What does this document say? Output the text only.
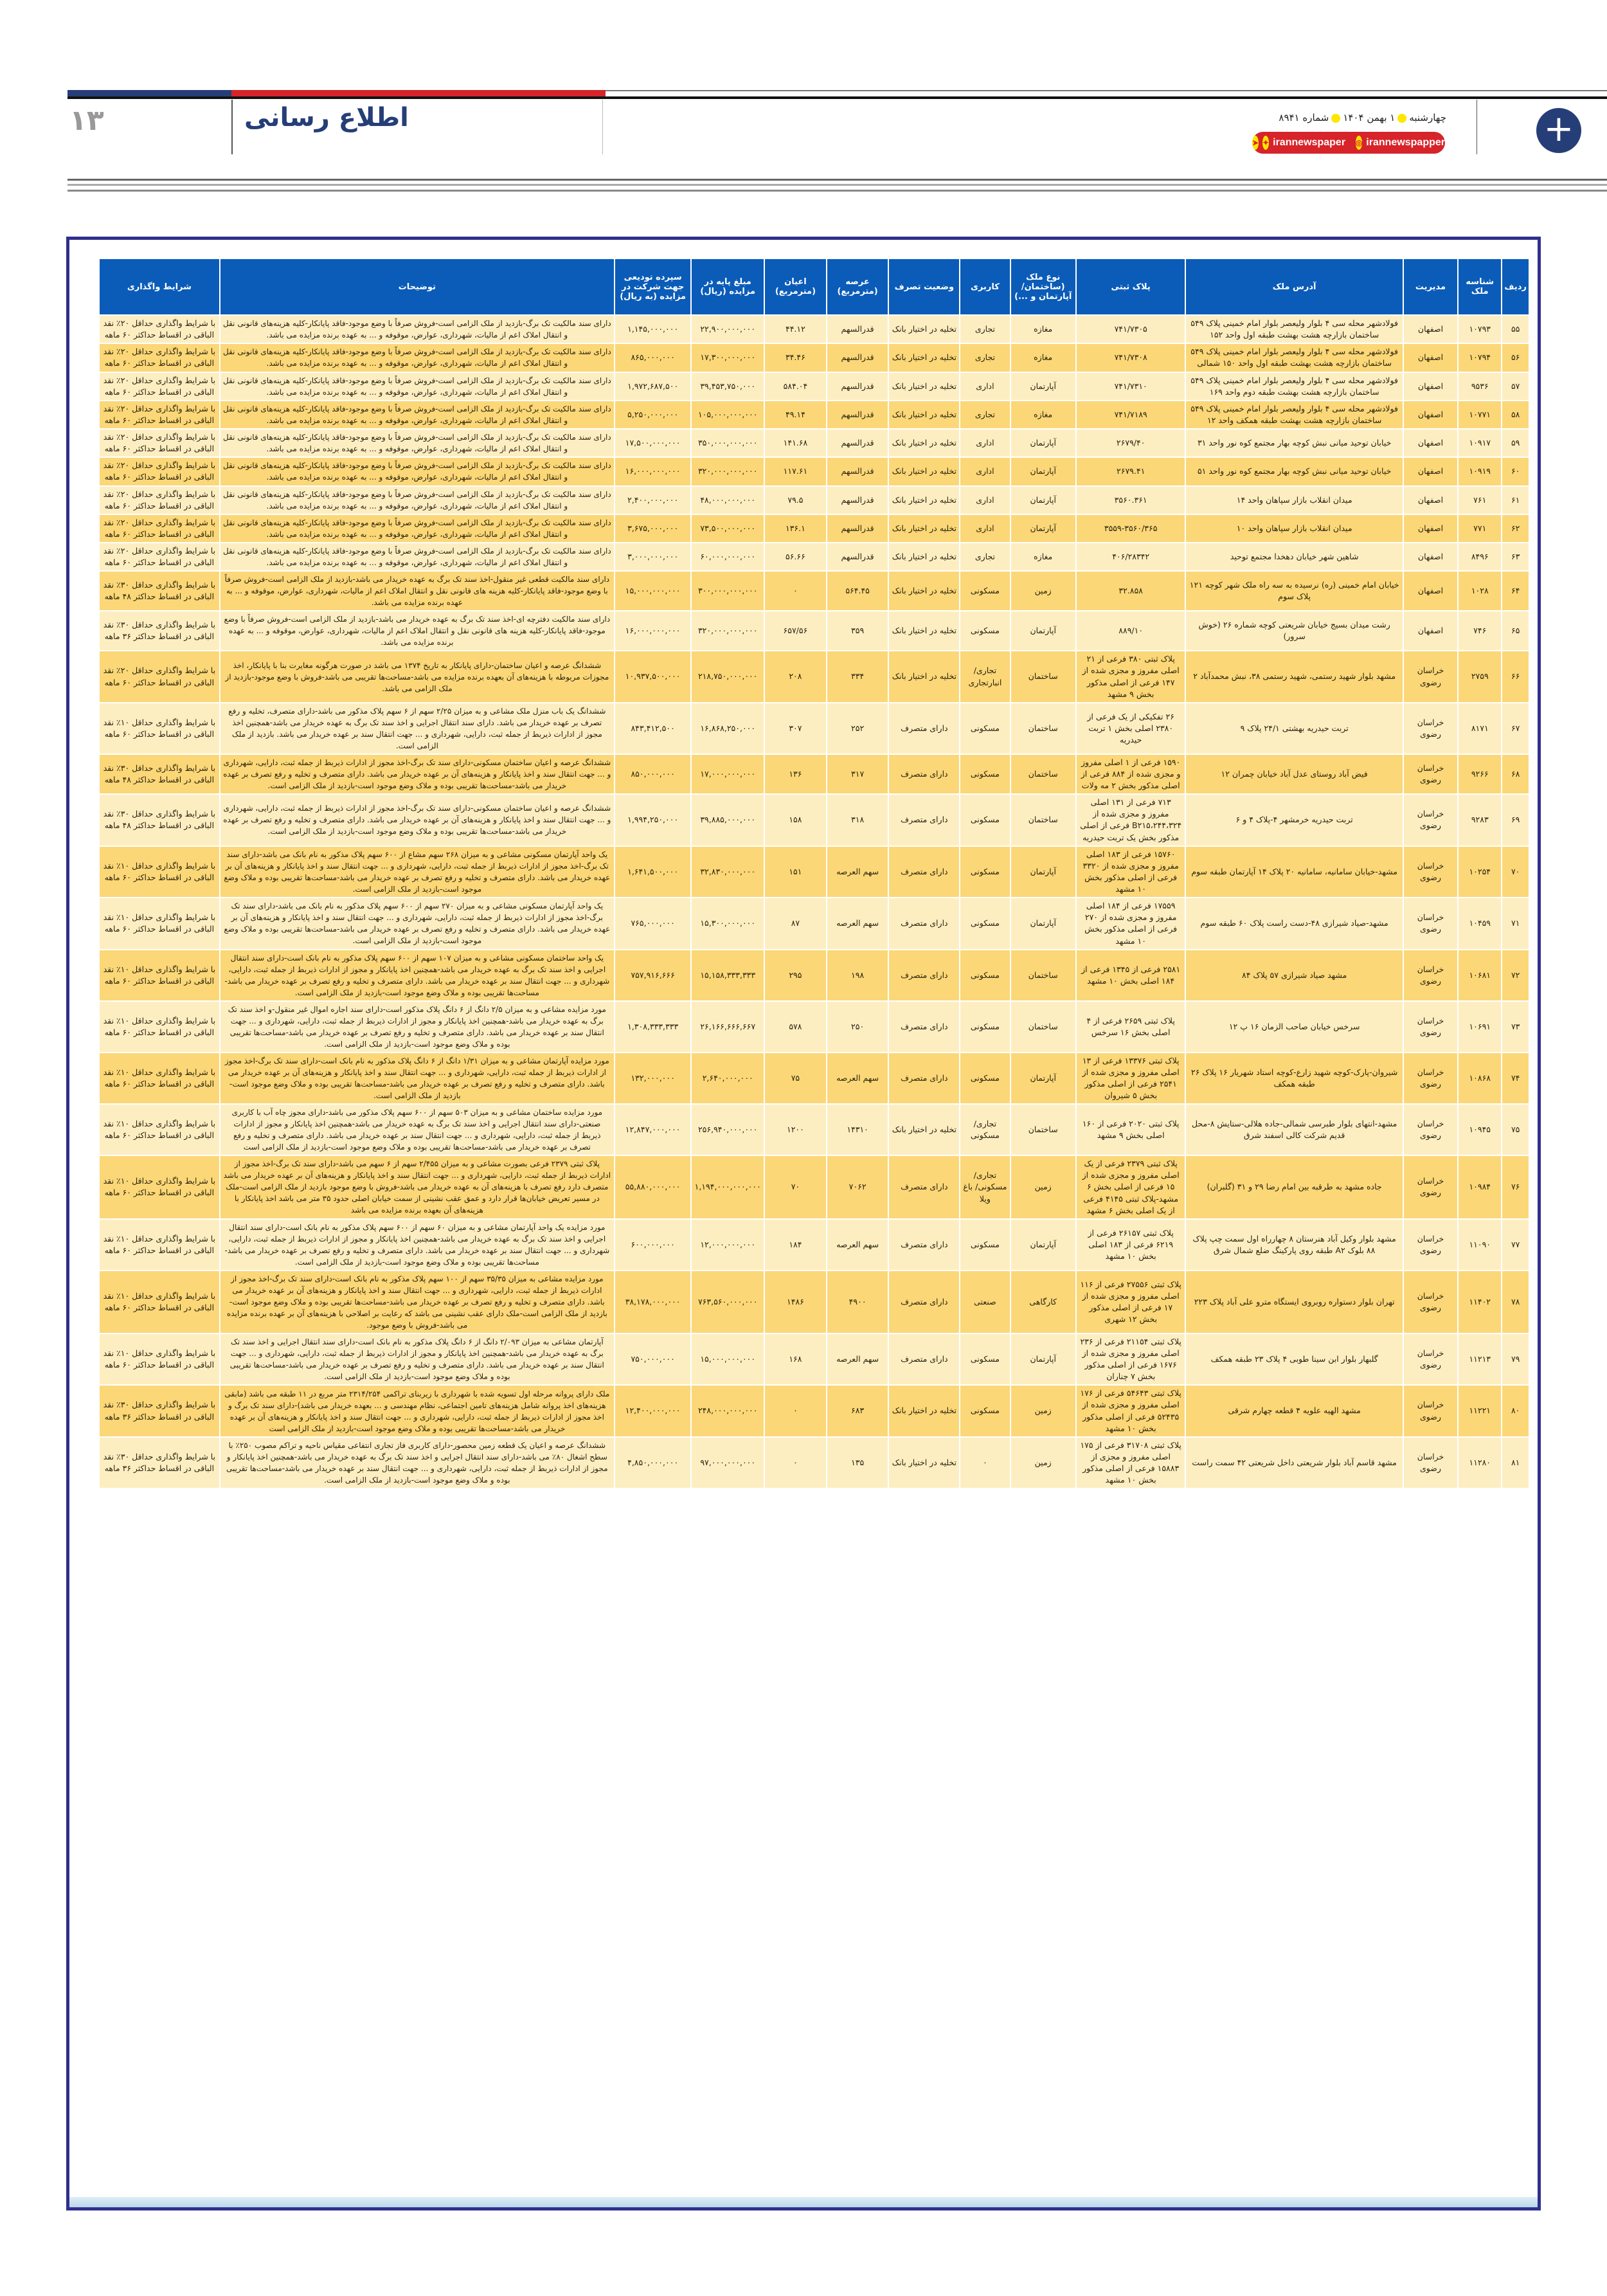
۱۳	اطلاع رسانی	چهارشنبه۱ بهمن ۱۴۰۴شماره ۸۹۴۱
➤ ✦ irannewspaper ◎ irannewspapper	+
ردیف	شناسه ملک	مدیریت	آدرس ملک	پلاک ثبتی	نوع ملک (ساختمان/ آپارتمان و ...)	کاربری	وضعیت تصرف	عرصه (مترمربع)	اعیان (مترمربع)	مبلغ پایه در مزایده (ریال)	سپرده تودیعی جهت شرکت در مزایده (به ریال)	توضیحات	شرایط واگذاری
۵۵	۱۰۷۹۳	اصفهان	فولادشهر محله سی ۴ بلوار ولیعصر بلوار امام خمینی پلاک ۵۴۹ ساختمان بازارچه هشت بهشت طبقه اول واحد ۱۵۲	۷۴۱/۷۳۰۵	مغازه	تجاری	تخلیه در اختیار بانک	قدرالسهم	۴۴.۱۲	۲۲,۹۰۰,۰۰۰,۰۰۰	۱,۱۴۵,۰۰۰,۰۰۰	دارای سند مالکیت تک برگ-بازدید از ملک الزامی است-فروش صرفاً با وضع موجود-فاقد پایانکار-کلیه هزینه‌های قانونی نقل و انتقال املاک اعم از مالیات، شهرداری، عوارض، موقوفه و ... به عهده برنده مزایده می باشد.	با شرایط واگذاری حداقل ۲۰٪ نقد الباقی در اقساط حداکثر ۶۰ ماهه
۵۶	۱۰۷۹۴	اصفهان	فولادشهر محله سی ۴ بلوار ولیعصر بلوار امام خمینی پلاک ۵۴۹ ساختمان بازارچه هشت بهشت طبقه اول واحد ۱۵۰ شمالی	۷۴۱/۷۳۰۸	مغازه	تجاری	تخلیه در اختیار بانک	قدرالسهم	۳۴.۴۶	۱۷,۳۰۰,۰۰۰,۰۰۰	۸۶۵,۰۰۰,۰۰۰	دارای سند مالکیت تک برگ-بازدید از ملک الزامی است-فروش صرفاً با وضع موجود-فاقد پایانکار-کلیه هزینه‌های قانونی نقل و انتقال املاک اعم از مالیات، شهرداری، عوارض، موقوفه و ... به عهده برنده مزایده می باشد.	با شرایط واگذاری حداقل ۲۰٪ نقد الباقی در اقساط حداکثر ۶۰ ماهه
۵۷	۹۵۳۶	اصفهان	فولادشهر محله سی ۴ بلوار ولیعصر بلوار امام خمینی پلاک ۵۴۹ ساختمان بازارچه هشت بهشت طبقه دوم واحد ۱۶۹	۷۴۱/۷۳۱۰	آپارتمان	اداری	تخلیه در اختیار بانک	قدرالسهم	۵۸۴.۰۴	۳۹,۴۵۳,۷۵۰,۰۰۰	۱,۹۷۲,۶۸۷,۵۰۰	دارای سند مالکیت تک برگ-بازدید از ملک الزامی است-فروش صرفاً با وضع موجود-فاقد پایانکار-کلیه هزینه‌های قانونی نقل و انتقال املاک اعم از مالیات، شهرداری، عوارض، موقوفه و ... به عهده برنده مزایده می باشد.	با شرایط واگذاری حداقل ۲۰٪ نقد الباقی در اقساط حداکثر ۶۰ ماهه
۵۸	۱۰۷۷۱	اصفهان	فولادشهر محله سی ۴ بلوار ولیعصر بلوار امام خمینی پلاک ۵۴۹ ساختمان بازارچه هشت بهشت طبقه همکف واحد ۱۲	۷۴۱/۷۱۸۹	مغازه	تجاری	تخلیه در اختیار بانک	قدرالسهم	۴۹.۱۴	۱۰۵,۰۰۰,۰۰۰,۰۰۰	۵,۲۵۰,۰۰۰,۰۰۰	دارای سند مالکیت تک برگ-بازدید از ملک الزامی است-فروش صرفاً با وضع موجود-فاقد پایانکار-کلیه هزینه‌های قانونی نقل و انتقال املاک اعم از مالیات، شهرداری، عوارض، موقوفه و ... به عهده برنده مزایده می باشد.	با شرایط واگذاری حداقل ۲۰٪ نقد الباقی در اقساط حداکثر ۶۰ ماهه
۵۹	۱۰۹۱۷	اصفهان	خیابان توحید میانی نبش کوچه بهار مجتمع کوه نور واحد ۳۱	۲۶۷۹/۴۰	آپارتمان	اداری	تخلیه در اختیار بانک	قدرالسهم	۱۴۱.۶۸	۳۵۰,۰۰۰,۰۰۰,۰۰۰	۱۷,۵۰۰,۰۰۰,۰۰۰	دارای سند مالکیت تک برگ-بازدید از ملک الزامی است-فروش صرفاً با وضع موجود-فاقد پایانکار-کلیه هزینه‌های قانونی نقل و انتقال املاک اعم از مالیات، شهرداری، عوارض، موقوفه و ... به عهده برنده مزایده می باشد.	با شرایط واگذاری حداقل ۲۰٪ نقد الباقی در اقساط حداکثر ۶۰ ماهه
۶۰	۱۰۹۱۹	اصفهان	خیابان توحید میانی نبش کوچه بهار مجتمع کوه نور واحد ۵۱	۲۶۷۹.۴۱	آپارتمان	اداری	تخلیه در اختیار بانک	قدرالسهم	۱۱۷.۶۱	۳۲۰,۰۰۰,۰۰۰,۰۰۰	۱۶,۰۰۰,۰۰۰,۰۰۰	دارای سند مالکیت تک برگ-بازدید از ملک الزامی است-فروش صرفاً با وضع موجود-فاقد پایانکار-کلیه هزینه‌های قانونی نقل و انتقال املاک اعم از مالیات، شهرداری، عوارض، موقوفه و ... به عهده برنده مزایده می باشد.	با شرایط واگذاری حداقل ۲۰٪ نقد الباقی در اقساط حداکثر ۶۰ ماهه
۶۱	۷۶۱	اصفهان	میدان انقلاب بازار سپاهان واحد ۱۴	۳۵۶۰.۳۶۱	آپارتمان	اداری	تخلیه در اختیار بانک	قدرالسهم	۷۹.۵	۴۸,۰۰۰,۰۰۰,۰۰۰	۲,۴۰۰,۰۰۰,۰۰۰	دارای سند مالکیت تک برگ-بازدید از ملک الزامی است-فروش صرفاً با وضع موجود-فاقد پایانکار-کلیه هزینه‌های قانونی نقل و انتقال املاک اعم از مالیات، شهرداری، عوارض، موقوفه و ... به عهده برنده مزایده می باشد.	با شرایط واگذاری حداقل ۲۰٪ نقد الباقی در اقساط حداکثر ۶۰ ماهه
۶۲	۷۷۱	اصفهان	میدان انقلاب بازار سپاهان واحد ۱۰	۳۵۵۹-۳۵۶۰/۳۶۵	آپارتمان	اداری	تخلیه در اختیار بانک	قدرالسهم	۱۳۶.۱	۷۳,۵۰۰,۰۰۰,۰۰۰	۳,۶۷۵,۰۰۰,۰۰۰	دارای سند مالکیت تک برگ-بازدید از ملک الزامی است-فروش صرفاً با وضع موجود-فاقد پایانکار-کلیه هزینه‌های قانونی نقل و انتقال املاک اعم از مالیات، شهرداری، عوارض، موقوفه و ... به عهده برنده مزایده می باشد.	با شرایط واگذاری حداقل ۲۰٪ نقد الباقی در اقساط حداکثر ۶۰ ماهه
۶۳	۸۴۹۶	اصفهان	شاهین شهر خیابان دهخدا مجتمع توحید	۴۰۶/۲۸۳۴۲	مغازه	تجاری	تخلیه در اختیار بانک	قدرالسهم	۵۶.۶۶	۶۰,۰۰۰,۰۰۰,۰۰۰	۳,۰۰۰,۰۰۰,۰۰۰	دارای سند مالکیت تک برگ-بازدید از ملک الزامی است-فروش صرفاً با وضع موجود-فاقد پایانکار-کلیه هزینه‌های قانونی نقل و انتقال املاک اعم از مالیات، شهرداری، عوارض، موقوفه و ... به عهده برنده مزایده می باشد.	با شرایط واگذاری حداقل ۲۰٪ نقد الباقی در اقساط حداکثر ۶۰ ماهه
۶۴	۱۰۲۸	اصفهان	خیابان امام خمینی (ره) نرسیده به سه راه ملک شهر کوچه ۱۲۱ پلاک سوم	۳۲.۸۵۸	زمین	مسکونی	تخلیه در اختیار بانک	۵۶۴.۴۵	۰	۳۰۰,۰۰۰,۰۰۰,۰۰۰	۱۵,۰۰۰,۰۰۰,۰۰۰	دارای سند مالکیت قطعی غیر منقول-اخذ سند تک برگ به عهده خریدار می باشد-بازدید از ملک الزامی است-فروش صرفاً با وضع موجود-فاقد پایانکار-کلیه هزینه های قانونی نقل و انتقال املاک اعم از مالیات، شهرداری، عوارض، موقوفه و ... به عهده برنده مزایده می باشد.	با شرایط واگذاری حداقل ۳۰٪ نقد الباقی در اقساط حداکثر ۴۸ ماهه
۶۵	۷۴۶	اصفهان	رشت میدان بسیج خیابان شریعتی کوچه شماره ۲۶ (خوش سرور)	۸۸۹/۱۰	آپارتمان	مسکونی	تخلیه در اختیار بانک	۳۵۹	۶۵۷/۵۶	۳۲۰,۰۰۰,۰۰۰,۰۰۰	۱۶,۰۰۰,۰۰۰,۰۰۰	دارای سند مالکیت دفترچه ای-اخذ سند تک برگ به عهده خریدار می باشد-بازدید از ملک الزامی است-فروش صرفاً با وضع موجود-فاقد پایانکار-کلیه هزینه های قانونی نقل و انتقال املاک اعم از مالیات، شهرداری، عوارض، موقوفه و ... به عهده برنده مزایده می باشد.	با شرایط واگذاری حداقل ۳۰٪ نقد الباقی در اقساط حداکثر ۳۶ ماهه
۶۶	۲۷۵۹	خراسان رضوی	مشهد بلوار شهید رستمی، شهید رستمی ۳۸، نبش محمدآباد ۲	پلاک ثبتی ۳۸۰ فرعی از ۲۱ اصلی مفروز و مجزی شده از ۱۴۷ فرعی از اصلی مذکور بخش ۹ مشهد	ساختمان	تجاری/ انبارتجاری	تخلیه در اختیار بانک	۳۳۴	۲۰۸	۲۱۸,۷۵۰,۰۰۰,۰۰۰	۱۰,۹۳۷,۵۰۰,۰۰۰	ششدانگ عرصه و اعیان ساختمان-دارای پایانکار به تاریخ ۱۳۷۴ می باشد در صورت هرگونه مغایرت بنا با پایانکار، اخذ مجوزات مربوطه با هزینه‌های آن بعهده برنده مزایده می باشد-مساحت‌ها تقریبی می باشد-فروش با وضع موجود-بازدید از ملک الزامی می باشد.	با شرایط واگذاری حداقل ۲۰٪ نقد الباقی در اقساط حداکثر ۶۰ ماهه
۶۷	۸۱۷۱	خراسان رضوی	تربت حیدریه بهشتی ۲۴/۱ پلاک ۹	۲۶ تفکیکی از یک فرعی از ۲۳۸۰ اصلی بخش ۱ تربت حیدریه	ساختمان	مسکونی	دارای متصرف	۲۵۲	۳۰۷	۱۶,۸۶۸,۲۵۰,۰۰۰	۸۴۳,۴۱۲,۵۰۰	ششدانگ یک باب منزل ملک مشاعی و به میزان ۲/۲۵ سهم از ۶ سهم پلاک مذکور می باشد-دارای متصرف، تخلیه و رفع تصرف بر عهده خریدار می باشد. دارای سند انتقال اجرایی و اخذ سند تک برگ به عهده خریدار می باشد-همچنین اخذ مجوز از ادارات ذیربط از جمله ثبت، دارایی، شهرداری و ... جهت انتقال سند بر عهده خریدار می باشد. بازدید از ملک الزامی است.	با شرایط واگذاری حداقل ۱۰٪ نقد الباقی در اقساط حداکثر ۶۰ ماهه
۶۸	۹۲۶۶	خراسان رضوی	فیض آباد روستای عدل آباد خیابان چمران ۱۲	۱۵۹۰ فرعی از ۱ اصلی مفروز و مجزی شده از ۸۸۴ فرعی از اصلی مذکور بخش ۲ مه ولات	ساختمان	مسکونی	دارای متصرف	۳۱۷	۱۳۶	۱۷,۰۰۰,۰۰۰,۰۰۰	۸۵۰,۰۰۰,۰۰۰	ششدانگ عرصه و اعیان ساختمان مسکونی-دارای سند تک برگ-اخذ مجوز از ادارات ذیربط از جمله ثبت، دارایی، شهرداری و ... جهت انتقال سند و اخذ پایانکار و هزینه‌های آن بر عهده خریدار می باشد. دارای متصرف و تخلیه و رفع تصرف بر عهده خریدار می باشد-مساحت‌ها تقریبی بوده و ملاک وضع موجود است-بازدید از ملک الزامی است.	با شرایط واگذاری حداقل ۳۰٪ نقد الباقی در اقساط حداکثر ۴۸ ماهه
۶۹	۹۲۸۳	خراسان رضوی	تربت حیدریه خرمشهر ۴-پلاک ۴ و ۶	۷۱۳ فرعی از ۱۳۱ اصلی مفروز و مجزی شده از ۳۲۴،B۲۱۵،۲۴۴ فرعی از اصلی مذکور بخش یک تربت حیدریه	ساختمان	مسکونی	دارای متصرف	۳۱۸	۱۵۸	۳۹,۸۸۵,۰۰۰,۰۰۰	۱,۹۹۴,۲۵۰,۰۰۰	ششدانگ عرصه و اعیان ساختمان مسکونی-دارای سند تک برگ-اخذ مجوز از ادارات ذیربط از جمله ثبت، دارایی، شهرداری و ... جهت انتقال سند و اخذ پایانکار و هزینه‌های آن بر عهده خریدار می باشد. دارای متصرف و تخلیه و رفع تصرف بر عهده خریدار می باشد-مساحت‌ها تقریبی بوده و ملاک وضع موجود است-بازدید از ملک الزامی است.	با شرایط واگذاری حداقل ۳۰٪ نقد الباقی در اقساط حداکثر ۴۸ ماهه
۷۰	۱۰۲۵۴	خراسان رضوی	مشهد-خیابان سامانیه، سامانیه ۲۰ پلاک ۱۴ آپارتمان طبقه سوم	۱۵۷۶۰ فرعی از ۱۸۳ اصلی مفروز و مجزی شده از ۳۳۲۰ فرعی از اصلی مذکور بخش ۱۰ مشهد	آپارتمان	مسکونی	دارای متصرف	سهم العرصه	۱۵۱	۳۲,۸۳۰,۰۰۰,۰۰۰	۱,۶۴۱,۵۰۰,۰۰۰	یک واحد آپارتمان مسکونی مشاعی و به میزان ۲۶۸ سهم مشاع از ۶۰۰ سهم پلاک مذکور به نام بانک می باشد-دارای سند تک برگ-اخذ مجوز از ادارات ذیربط از جمله ثبت، دارایی، شهرداری و ... جهت انتقال سند و اخذ پایانکار و هزینه‌های آن بر عهده خریدار می باشد. دارای متصرف و تخلیه و رفع تصرف بر عهده خریدار می باشد-مساحت‌ها تقریبی بوده و ملاک وضع موجود است-بازدید از ملک الزامی است.	با شرایط واگذاری حداقل ۱۰٪ نقد الباقی در اقساط حداکثر ۶۰ ماهه
۷۱	۱۰۴۵۹	خراسان رضوی	مشهد-صیاد شیرازی ۴۸-دست راست پلاک ۶۰ طبقه سوم	۱۷۵۵۹ فرعی از ۱۸۴ اصلی مفروز و مجزی شده از ۲۷۰ فرعی از اصلی مذکور بخش ۱۰ مشهد	آپارتمان	مسکونی	دارای متصرف	سهم العرصه	۸۷	۱۵,۳۰۰,۰۰۰,۰۰۰	۷۶۵,۰۰۰,۰۰۰	یک واحد آپارتمان مسکونی مشاعی و به میزان ۲۷۰ سهم از ۶۰۰ سهم پلاک مذکور به نام بانک می باشد-دارای سند تک برگ-اخذ مجوز از ادارات ذیربط از جمله ثبت، دارایی، شهرداری و ... جهت انتقال سند و اخذ پایانکار و هزینه‌های آن بر عهده خریدار می باشد. دارای متصرف و تخلیه و رفع تصرف بر عهده خریدار می باشد-مساحت‌ها تقریبی بوده و ملاک وضع موجود است-بازدید از ملک الزامی است.	با شرایط واگذاری حداقل ۱۰٪ نقد الباقی در اقساط حداکثر ۶۰ ماهه
۷۲	۱۰۶۸۱	خراسان رضوی	مشهد صیاد شیرازی ۵۷ پلاک ۸۴	۲۵۸۱ فرعی از ۱۳۴۵ فرعی از ۱۸۴ اصلی بخش ۱۰ مشهد	ساختمان	مسکونی	دارای متصرف	۱۹۸	۲۹۵	۱۵,۱۵۸,۳۳۳,۳۳۳	۷۵۷,۹۱۶,۶۶۶	یک واحد ساختمان مسکونی مشاعی و به میزان ۱۰۷ سهم از ۶۰۰ سهم پلاک مذکور به نام بانک است-دارای سند انتقال اجرایی و اخذ سند تک برگ به عهده خریدار می باشد-همچنین اخذ پایانکار و مجوز از ادارات ذیربط از جمله ثبت، دارایی، شهرداری و ... جهت انتقال سند بر عهده خریدار می باشد. دارای متصرف و تخلیه و رفع تصرف بر عهده خریدار می باشد-مساحت‌ها تقریبی بوده و ملاک وضع موجود است-بازدید از ملک الزامی است.	با شرایط واگذاری حداقل ۱۰٪ نقد الباقی در اقساط حداکثر ۶۰ ماهه
۷۳	۱۰۶۹۱	خراسان رضوی	سرخس خیابان صاحب الزمان ۱۶ پ ۱۲	پلاک ثبتی ۲۶۵۹ فرعی از ۴ اصلی بخش ۱۶ سرخس	ساختمان	مسکونی	دارای متصرف	۲۵۰	۵۷۸	۲۶,۱۶۶,۶۶۶,۶۶۷	۱,۳۰۸,۳۳۳,۳۳۳	مورد مزایده مشاعی و به میزان ۲/۵ دانگ از ۶ دانگ پلاک مذکور است-دارای سند اجاره اموال غیر منقول-و اخذ سند تک برگ به عهده خریدار می باشد-همچنین اخذ پایانکار و مجوز از ادارات ذیربط از جمله ثبت، دارایی، شهرداری و ... جهت انتقال سند بر عهده خریدار می باشد. دارای متصرف و تخلیه و رفع تصرف بر عهده خریدار می باشد-مساحت‌ها تقریبی بوده و ملاک وضع موجود است-بازدید از ملک الزامی است.	با شرایط واگذاری حداقل ۱۰٪ نقد الباقی در اقساط حداکثر ۶۰ ماهه
۷۴	۱۰۸۶۸	خراسان رضوی	شیروان-پارک-کوچه شهید زارع-کوچه استاد شهریار ۱۶ پلاک ۲۶ طبقه همکف	پلاک ثبتی ۱۳۳۷۶ فرعی از ۱۳ اصلی مفروز و مجزی شده از ۲۵۴۱ فرعی از اصلی مذکور بخش ۵ شیروان	آپارتمان	مسکونی	دارای متصرف	سهم العرصه	۷۵	۲,۶۴۰,۰۰۰,۰۰۰	۱۳۲,۰۰۰,۰۰۰	مورد مزایده آپارتمان مشاعی و به میزان ۱/۳۱ دانگ از ۶ دانگ پلاک مذکور به نام بانک است-دارای سند تک برگ-اخذ مجوز از ادارات ذیربط از جمله ثبت، دارایی، شهرداری و ... جهت انتقال سند و اخذ پایانکار و هزینه‌های آن بر عهده خریدار می باشد. دارای متصرف و تخلیه و رفع تصرف بر عهده خریدار می باشد-مساحت‌ها تقریبی بوده و ملاک وضع موجود است-بازدید از ملک الزامی است.	با شرایط واگذاری حداقل ۱۰٪ نقد الباقی در اقساط حداکثر ۶۰ ماهه
۷۵	۱۰۹۴۵	خراسان رضوی	مشهد-انتهای بلوار طبرسی شمالی-جاده هلالی-ستایش ۸-محل قدیم شرکت کالی اسفند شرق	پلاک ثبتی ۲۰۲۰ فرعی از ۱۶۰ اصلی بخش ۹ مشهد	ساختمان	تجاری/ مسکونی	تخلیه در اختیار بانک	۱۴۳۱۰	۱۲۰۰	۲۵۶,۹۴۰,۰۰۰,۰۰۰	۱۲,۸۴۷,۰۰۰,۰۰۰	مورد مزایده ساختمان مشاعی و به میزان ۵۰۳ سهم از ۶۰۰ سهم پلاک مذکور می باشد-دارای مجوز چاه آب با کاربری صنعتی-دارای سند انتقال اجرایی و اخذ سند تک برگ به عهده خریدار می باشد-همچنین اخذ پایانکار و مجوز از ادارات ذیربط از جمله ثبت، دارایی، شهرداری و ... جهت انتقال سند بر عهده خریدار می باشد. دارای متصرف و تخلیه و رفع تصرف بر عهده خریدار می باشد-مساحت‌ها تقریبی بوده و ملاک وضع موجود است-بازدید از ملک الزامی است	با شرایط واگذاری حداقل ۱۰٪ نقد الباقی در اقساط حداکثر ۶۰ ماهه
۷۶	۱۰۹۸۴	خراسان رضوی	جاده مشهد به طرقبه بین امام رضا ۲۹ و ۳۱ (گلبران)	پلاک ثبتی ۲۳۷۹ فرعی از یک اصلی مفروز و مجزی شده از ۱۵ فرعی از اصلی بخش ۶ مشهد-پلاک ثبتی ۴۱۴۵ فرعی از یک اصلی بخش ۶ مشهد	زمین	تجاری/ مسکونی/ باغ ویلا	دارای متصرف	۷۰۶۲	۷۰	۱,۱۹۴,۰۰۰,۰۰۰,۰۰۰	۵۵,۸۸۰,۰۰۰,۰۰۰	پلاک ثبتی ۲۳۷۹ فرعی بصورت مشاعی و به میزان ۲/۴۵۵ سهم از ۶ سهم می باشد-دارای سند تک برگ-اخذ مجوز از ادارات ذیربط از جمله ثبت، دارایی، شهرداری و ... جهت انتقال سند و اخذ پایانکار و هزینه‌های آن بر عهده خریدار می باشد متصرف دارد رفع تصرف با هزینه‌های آن به عهده خریدار می باشد-فروش با وضع موجود بازدید از ملک الزامی است-ملک در مسیر تعریض خیابان‌ها قرار دارد و عمق عقب نشینی از سمت خیابان اصلی حدود ۳۵ متر می باشد اخذ پایانکار با هزینه‌های آن بعهده برنده مزایده می باشد	با شرایط واگذاری حداقل ۱۰٪ نقد الباقی در اقساط حداکثر ۶۰ ماهه
۷۷	۱۱۰۹۰	خراسان رضوی	مشهد بلوار وکیل آباد هنرستان ۸ چهارراه اول سمت چپ پلاک ۸۸ بلوک A۲ طبقه روی پارکینگ ضلع شمال شرق	پلاک ثبتی ۲۶۱۵۷ فرعی از ۶۲۱۹ فرعی از ۱۸۳ اصلی بخش ۱۰ مشهد	آپارتمان	مسکونی	دارای متصرف	سهم العرصه	۱۸۴	۱۲,۰۰۰,۰۰۰,۰۰۰	۶۰۰,۰۰۰,۰۰۰	مورد مزایده یک واحد آپارتمان مشاعی و به میزان ۶۰ سهم از ۶۰۰ سهم پلاک مذکور به نام بانک است-دارای سند انتقال اجرایی و اخذ سند تک برگ به عهده خریدار می باشد-همچنین اخذ پایانکار و مجوز از ادارات ذیربط از جمله ثبت، دارایی، شهرداری و ... جهت انتقال سند بر عهده خریدار می باشد. دارای متصرف و تخلیه و رفع تصرف بر عهده خریدار می باشد-مساحت‌ها تقریبی بوده و ملاک وضع موجود است-بازدید از ملک الزامی است.	با شرایط واگذاری حداقل ۱۰٪ نقد الباقی در اقساط حداکثر ۶۰ ماهه
۷۸	۱۱۴۰۲	خراسان رضوی	تهران بلوار دستواره روبروی ایستگاه مترو علی آباد پلاک ۲۲۳	پلاک ثبتی ۲۷۵۵۶ فرعی از ۱۱۶ اصلی مفروز و مجزی شده از ۱۷ فرعی از اصلی مذکور بخش ۱۲ شهری	کارگاهی	صنعتی	دارای متصرف	۴۹۰۰	۱۴۸۶	۷۶۳,۵۶۰,۰۰۰,۰۰۰	۳۸,۱۷۸,۰۰۰,۰۰۰	مورد مزایده مشاعی به میزان ۳۵/۳۵ سهم از ۱۰۰ سهم پلاک مذکور به نام بانک است-دارای سند تک برگ-اخذ مجوز از ادارات ذیربط از جمله ثبت، دارایی، شهرداری و ... جهت انتقال سند و اخذ پایانکار و هزینه‌های آن بر عهده خریدار می باشد. دارای متصرف و تخلیه و رفع تصرف بر عهده خریدار می باشد-مساحت‌ها تقریبی بوده و ملاک وضع موجود است-بازدید از ملک الزامی است-ملک دارای عقب نشینی می باشد که رعایت بر اصلاحی با هزینه‌های آن بر عهده برنده مزایده می باشد-فروش با وضع موجود.	با شرایط واگذاری حداقل ۱۰٪ نقد الباقی در اقساط حداکثر ۶۰ ماهه
۷۹	۱۱۲۱۳	خراسان رضوی	گلبهار بلوار ابن سینا طوبی ۴ پلاک ۲۳ طبقه همکف	پلاک ثبتی ۲۱۱۵۴ فرعی از ۲۳۶ اصلی مفروز و مجزی شده از ۱۶۷۶ فرعی از اصلی مذکور بخش ۷ چناران	آپارتمان	مسکونی	دارای متصرف	سهم العرصه	۱۶۸	۱۵,۰۰۰,۰۰۰,۰۰۰	۷۵۰,۰۰۰,۰۰۰	آپارتمان مشاعی به میزان ۲/۰۹۳ دانگ از ۶ دانگ پلاک مذکور به نام بانک است-دارای سند انتقال اجرایی و اخذ سند تک برگ به عهده خریدار می باشد-همچنین اخذ پایانکار و مجوز از ادارات ذیربط از جمله ثبت، دارایی، شهرداری و ... جهت انتقال سند بر عهده خریدار می باشد. دارای متصرف و تخلیه و رفع تصرف بر عهده خریدار می باشد-مساحت‌ها تقریبی بوده و ملاک وضع موجود است-بازدید از ملک الزامی است.	با شرایط واگذاری حداقل ۱۰٪ نقد الباقی در اقساط حداکثر ۶۰ ماهه
۸۰	۱۱۲۲۱	خراسان رضوی	مشهد الهیه علویه ۴ قطعه چهارم شرقی	پلاک ثبتی ۵۴۶۴۳ فرعی از ۱۷۶ اصلی مفروز و مجزی شده از ۵۲۴۳۵ فرعی از اصلی مذکور بخش ۱۰ مشهد	زمین	مسکونی	تخلیه در اختیار بانک	۶۸۳	۰	۲۴۸,۰۰۰,۰۰۰,۰۰۰	۱۲,۴۰۰,۰۰۰,۰۰۰	ملک دارای پروانه مرحله اول تسویه شده با شهرداری با زیربنای تراکمی ۲۳۱۴/۲۵۴ متر مربع در ۱۱ طبقه می باشد (مابقی هزینه‌های اخذ پروانه شامل هزینه‌های تامین اجتماعی، نظام مهندسی و ... بعهده خریدار می باشد)-دارای سند تک برگ و اخذ مجوز از ادارات ذیربط از جمله ثبت، دارایی، شهرداری و ... جهت انتقال سند و اخذ پایانکار و هزینه‌های آن بر عهده خریدار می باشد-مساحت‌ها تقریبی بوده و ملاک وضع موجود است-بازدید از ملک الزامی است	با شرایط واگذاری حداقل ۳۰٪ نقد الباقی در اقساط حداکثر ۳۶ ماهه
۸۱	۱۱۲۸۰	خراسان رضوی	مشهد قاسم آباد بلوار شریعتی داخل شریعتی ۴۲ سمت راست	پلاک ثبتی ۳۱۷۰۸ فرعی از ۱۷۵ اصلی مفروز و مجزی از ۱۵۸۸۳ فرعی از اصلی مذکور بخش ۱۰ مشهد	زمین	۰	تخلیه در اختیار بانک	۱۳۵	۰	۹۷,۰۰۰,۰۰۰,۰۰۰	۴,۸۵۰,۰۰۰,۰۰۰	ششدانگ عرصه و اعیان یک قطعه زمین محصور-دارای کاربری فاز تجاری انتفاعی مقیاس ناحیه و تراکم مصوب ۲۵۰٪ با سطح اشغال ۸۰٪ می باشد-دارای سند انتقال اجرایی و اخذ سند تک برگ به عهده خریدار می باشد-همچنین اخذ پایانکار و مجوز از ادارات ذیربط از جمله ثبت، دارایی، شهرداری و ... جهت انتقال سند بر عهده خریدار می باشد-مساحت‌ها تقریبی بوده و ملاک وضع موجود است-بازدید از ملک الزامی است.	با شرایط واگذاری حداقل ۳۰٪ نقد الباقی در اقساط حداکثر ۳۶ ماهه
